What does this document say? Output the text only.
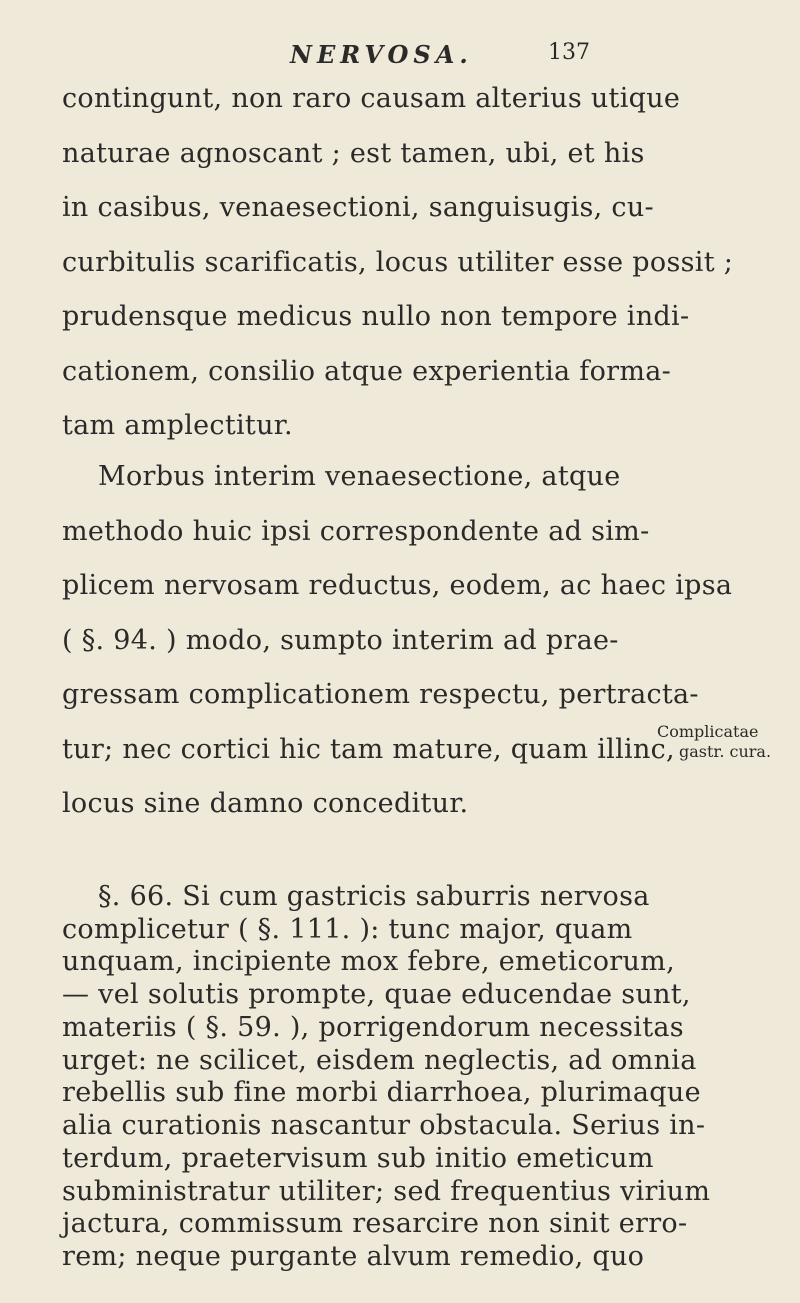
NERVOSA.	137
contingunt, non raro causam alterius utique
naturae agnoscant ; est tamen, ubi, et his
in casibus, venaesectioni, sanguisugis, cu-
curbitulis scarificatis, locus utiliter esse possit ;
prudensque medicus nullo non tempore indi-
cationem, consilio atque experientia forma-
tam amplectitur.
Morbus interim venaesectione, atque
methodo huic ipsi correspondente ad sim-
plicem nervosam reductus, eodem, ac haec ipsa
( §. 94. ) modo, sumpto interim ad prae-
gressam complicationem respectu, pertracta-
tur; nec cortici hic tam mature, quam illinc,
locus sine damno conceditur.
§. 66. Si cum gastricis saburris nervosa
complicetur ( §. 111. ): tunc major, quam
unquam, incipiente mox febre, emeticorum,
— vel solutis prompte, quae educendae sunt,
materiis ( §. 59. ), porrigendorum necessitas
urget: ne scilicet, eisdem neglectis, ad omnia
rebellis sub fine morbi diarrhoea, plurimaque
alia curationis nascantur obstacula. Serius in-
terdum, praetervisum sub initio emeticum
subministratur utiliter; sed frequentius virium
jactura, commissum resarcire non sinit erro-
rem; neque purgante alvum remedio, quo
Complicatae
gastr. cura.
